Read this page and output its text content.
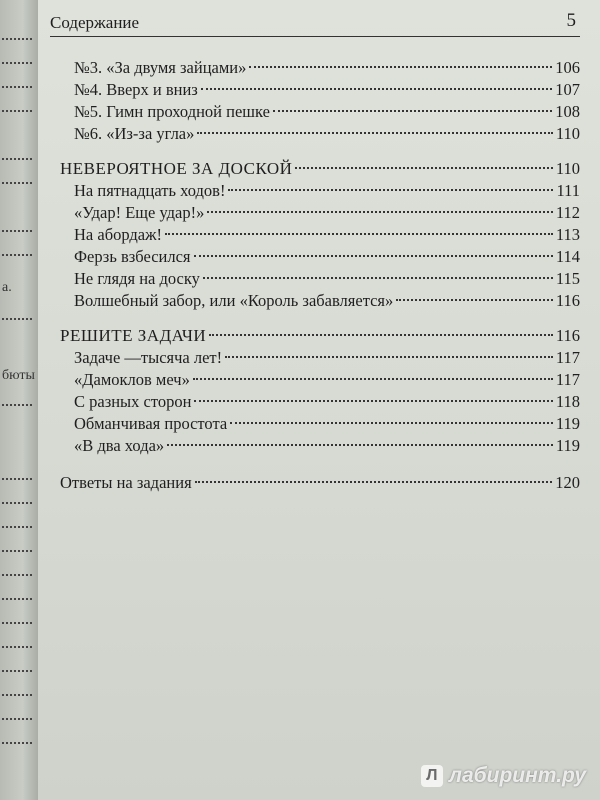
а.
бюты
Содержание	5
№3. «За двумя зайцами»	106
№4. Вверх и вниз	107
№5. Гимн проходной пешке	108
№6. «Из-за угла»	110
НЕВЕРОЯТНОЕ ЗА ДОСКОЙ	110
На пятнадцать ходов!	111
«Удар! Еще удар!»	112
На абордаж!	113
Ферзь взбесился	114
Не глядя на доску	115
Волшебный забор, или «Король забавляется»	116
РЕШИТЕ ЗАДАЧИ	116
Задаче —тысяча лет!	117
«Дамоклов меч»	117
С разных сторон	118
Обманчивая простота	119
«В два хода»	119
Ответы на задания	120
Л лабиринт.ру
